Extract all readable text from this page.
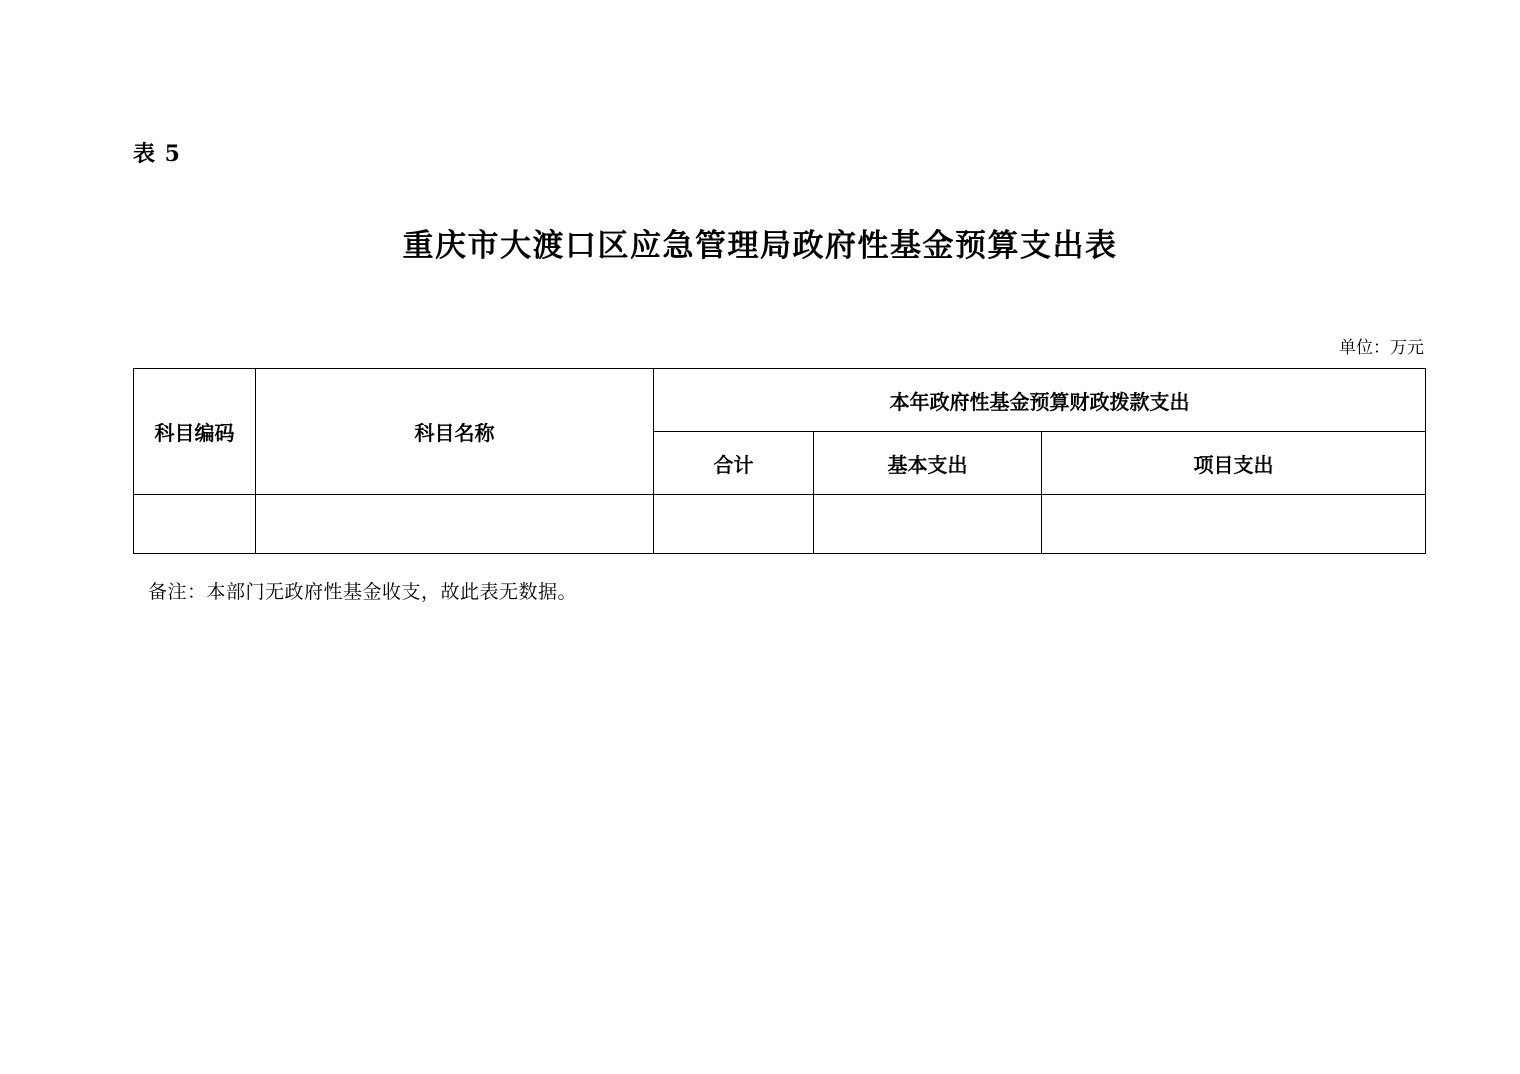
表 5
重庆市大渡口区应急管理局政府性基金预算支出表
单位：万元
科目编码	科目名称	本年政府性基金预算财政拨款支出		
		合计	基本支出	项目支出

备注：本部门无政府性基金收支，故此表无数据。
